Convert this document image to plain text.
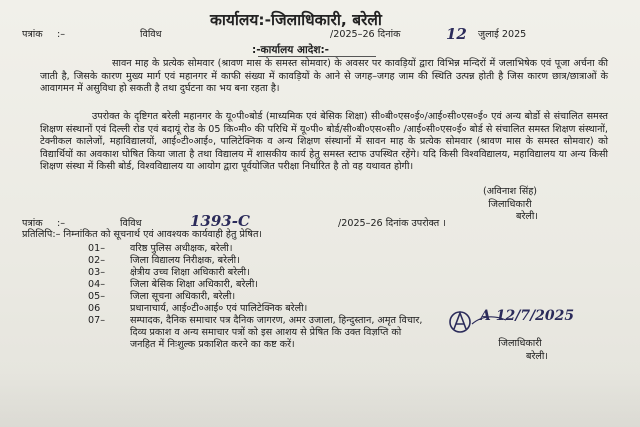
कार्यालय:-जिलाधिकारी, बरेली
पत्रांक :–	विविध	/2025–26 दिनांक	12 जुलाई 2025
:-कार्यालय आदेश:-
सावन माह के प्रत्येक सोमवार (श्रावण मास के समस्त सोमवार) के अवसर पर कावड़ियों द्वारा विभिन्न मन्दिरों में जलाभिषेक एवं पूजा अर्चना की जाती है, जिसके कारण मुख्य मार्ग एवं महानगर में काफी संख्या में कावड़ियों के आने से जगह–जगह जाम की स्थिति उत्पन्न होती है जिस कारण छात्र/छात्राओं के आवागमन में असुविधा हो सकती है तथा दुर्घटना का भय बना रहता है।
उपरोक्त के दृष्टिगत बरेली महानगर के यू०पी०बोर्ड (माध्यमिक एवं बेसिक शिक्षा) सी०बी०एस०ई०/आई०सी०एस०ई० एवं अन्य बोर्डो से संचालित समस्त शिक्षण संस्थानों एवं दिल्ली रोड एवं बदायूं रोड के 05 कि०मी० की परिधि में यू०पी० बोर्ड/सी०बी०एस०सी० /आई०सी०एस०ई० बोर्ड से संचालित समस्त शिक्षण संस्थानों, टेक्नीकल कालेजों, महाविद्यालयों, आई०टी०आई०, पालिटेक्निक व अन्य शिक्षण संस्थानों में सावन माह के प्रत्येक सोमवार (श्रावण मास के समस्त सोमवार) को विद्यार्थियों का अवकाश घोषित किया जाता है तथा विद्यालय में शासकीय कार्य हेतु समस्त स्टाफ उपस्थित रहेंगे। यदि किसी विश्वविद्यालय, महाविद्यालय या अन्य किसी शिक्षण संस्था में किसी बोर्ड, विश्वविद्यालय या आयोग द्वारा पूर्वयोजित परीक्षा निर्धारित है तो वह यथावत होगी।
(अविनाश सिंह)
जिलाधिकारी
बरेली।
पत्रांक :–	विविध	1393-C	/2025–26 दिनांक उपरोक्त ।
प्रतिलिपि:– निम्नांकित को सूचनार्थ एवं आवश्यक कार्यवाही हेतु प्रेषित।
01–	वरिष्ठ पुलिस अधीक्षक, बरेली।
02–	जिला विद्यालय निरीक्षक, बरेली।
03–	क्षेत्रीय उच्च शिक्षा अधिकारी बरेली।
04–	जिला बेसिक शिक्षा अधिकारी, बरेली।
05–	जिला सूचना अधिकारी, बरेली।
06	प्रधानाचार्य, आई०टी०आई० एवं पालिटेक्निक बरेली।
07–	सम्पादक, दैनिक समाचार पत्र दैनिक जागरण, अमर उजाला, हिन्दुस्तान, अमृत विचार,
दिव्य प्रकाश व अन्य समाचार पत्रों को इस आशय से प्रेषित कि उक्त विज्ञप्ति को
जनहित में निःशुल्क प्रकाशित करने का कष्ट करें।
A 12/7/2025
जिलाधिकारी
बरेली।
